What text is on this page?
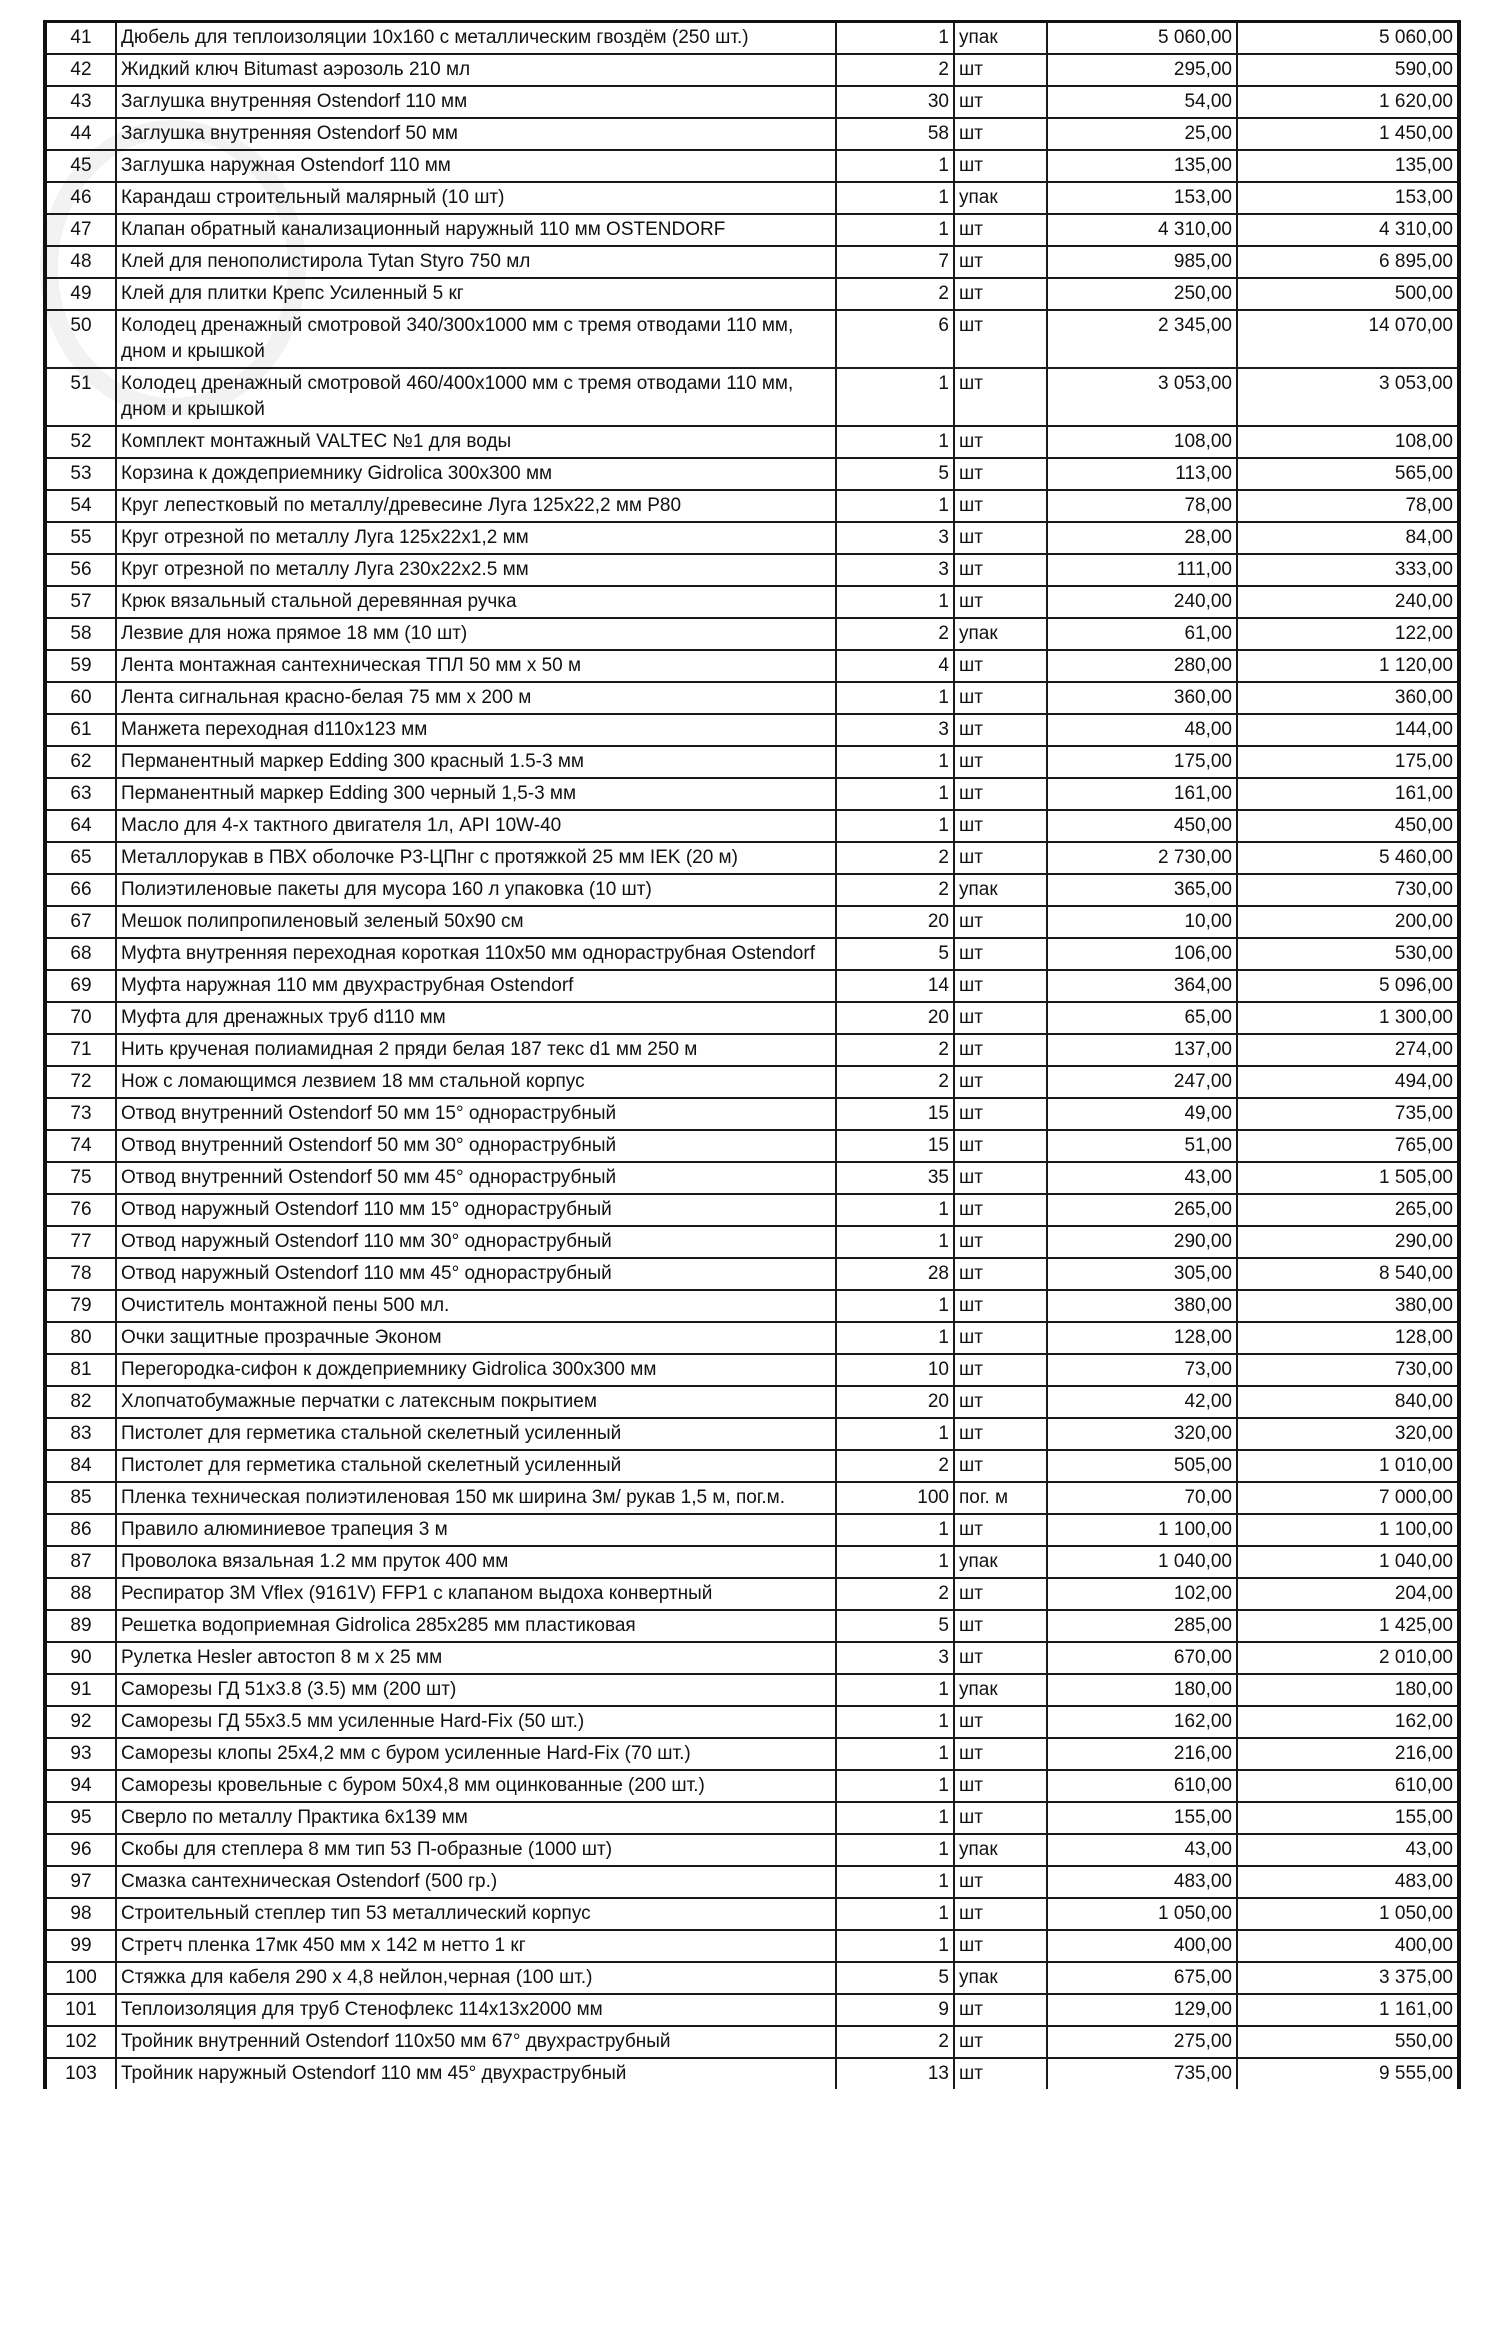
41	Дюбель для теплоизоляции 10х160 с металлическим гвоздём (250 шт.)	1	упак	5 060,00	5 060,00
42	Жидкий ключ Bitumast аэрозоль 210 мл	2	шт	295,00	590,00
43	Заглушка внутренняя Ostendorf 110 мм	30	шт	54,00	1 620,00
44	Заглушка внутренняя Ostendorf 50 мм	58	шт	25,00	1 450,00
45	Заглушка наружная Ostendorf 110 мм	1	шт	135,00	135,00
46	Карандаш строительный малярный (10 шт)	1	упак	153,00	153,00
47	Клапан обратный канализационный наружный 110 мм OSTENDORF	1	шт	4 310,00	4 310,00
48	Клей для пенополистирола Tytan Styro 750 мл	7	шт	985,00	6 895,00
49	Клей для плитки Крепс Усиленный 5 кг	2	шт	250,00	500,00
50	Колодец дренажный смотровой 340/300х1000 мм с тремя отводами 110 мм, дном и крышкой	6	шт	2 345,00	14 070,00
51	Колодец дренажный смотровой 460/400х1000 мм с тремя отводами 110 мм, дном и крышкой	1	шт	3 053,00	3 053,00
52	Комплект монтажный VALTEC №1 для воды	1	шт	108,00	108,00
53	Корзина к дождеприемнику Gidrolica 300х300 мм	5	шт	113,00	565,00
54	Круг лепестковый по металлу/древесине Луга 125х22,2 мм Р80	1	шт	78,00	78,00
55	Круг отрезной по металлу Луга 125х22х1,2 мм	3	шт	28,00	84,00
56	Круг отрезной по металлу Луга 230х22х2.5 мм	3	шт	111,00	333,00
57	Крюк вязальный стальной деревянная ручка	1	шт	240,00	240,00
58	Лезвие для ножа прямое 18 мм (10 шт)	2	упак	61,00	122,00
59	Лента монтажная сантехническая ТПЛ 50 мм х 50 м	4	шт	280,00	1 120,00
60	Лента сигнальная красно-белая 75 мм х 200 м	1	шт	360,00	360,00
61	Манжета переходная d110x123 мм	3	шт	48,00	144,00
62	Перманентный маркер Edding 300 красный 1.5-3 мм	1	шт	175,00	175,00
63	Перманентный маркер Edding 300 черный 1,5-3 мм	1	шт	161,00	161,00
64	Масло для 4-х тактного двигателя 1л, API 10W-40	1	шт	450,00	450,00
65	Металлорукав в ПВХ оболочке Р3-ЦПнг с протяжкой 25 мм IEK (20 м)	2	шт	2 730,00	5 460,00
66	Полиэтиленовые пакеты для мусора 160 л упаковка (10 шт)	2	упак	365,00	730,00
67	Мешок полипропиленовый зеленый 50х90 см	20	шт	10,00	200,00
68	Муфта внутренняя переходная короткая 110х50 мм однораструбная Ostendorf	5	шт	106,00	530,00
69	Муфта наружная 110 мм двухраструбная Ostendorf	14	шт	364,00	5 096,00
70	Муфта для дренажных труб d110 мм	20	шт	65,00	1 300,00
71	Нить крученая полиамидная 2 пряди белая 187 текс d1 мм 250 м	2	шт	137,00	274,00
72	Нож с ломающимся лезвием 18 мм стальной корпус	2	шт	247,00	494,00
73	Отвод внутренний Ostendorf 50 мм 15° однораструбный	15	шт	49,00	735,00
74	Отвод внутренний Ostendorf 50 мм 30° однораструбный	15	шт	51,00	765,00
75	Отвод внутренний Ostendorf 50 мм 45° однораструбный	35	шт	43,00	1 505,00
76	Отвод наружный Ostendorf 110 мм 15° однораструбный	1	шт	265,00	265,00
77	Отвод наружный Ostendorf 110 мм 30° однораструбный	1	шт	290,00	290,00
78	Отвод наружный Ostendorf 110 мм 45° однораструбный	28	шт	305,00	8 540,00
79	Очиститель монтажной пены 500 мл.	1	шт	380,00	380,00
80	Очки защитные прозрачные Эконом	1	шт	128,00	128,00
81	Перегородка-сифон к дождеприемнику Gidrolica 300х300 мм	10	шт	73,00	730,00
82	Хлопчатобумажные перчатки с латексным покрытием	20	шт	42,00	840,00
83	Пистолет для герметика стальной скелетный усиленный	1	шт	320,00	320,00
84	Пистолет для герметика стальной скелетный усиленный	2	шт	505,00	1 010,00
85	Пленка техническая полиэтиленовая 150 мк ширина 3м/ рукав 1,5 м, пог.м.	100	пог. м	70,00	7 000,00
86	Правило алюминиевое трапеция 3 м	1	шт	1 100,00	1 100,00
87	Проволока вязальная 1.2 мм пруток 400 мм	1	упак	1 040,00	1 040,00
88	Респиратор 3M Vflex (9161V) FFP1 с клапаном выдоха конвертный	2	шт	102,00	204,00
89	Решетка водоприемная Gidrolica 285х285 мм пластиковая	5	шт	285,00	1 425,00
90	Рулетка Hesler автостоп 8 м х 25 мм	3	шт	670,00	2 010,00
91	Саморезы ГД 51х3.8 (3.5) мм (200 шт)	1	упак	180,00	180,00
92	Саморезы ГД 55х3.5 мм усиленные Hard-Fix (50 шт.)	1	шт	162,00	162,00
93	Саморезы клопы 25х4,2 мм с буром усиленные Hard-Fix (70 шт.)	1	шт	216,00	216,00
94	Саморезы кровельные с буром 50х4,8 мм оцинкованные (200 шт.)	1	шт	610,00	610,00
95	Сверло по металлу Практика 6х139 мм	1	шт	155,00	155,00
96	Скобы для степлера 8 мм тип 53 П-образные (1000 шт)	1	упак	43,00	43,00
97	Смазка сантехническая Ostendorf (500 гр.)	1	шт	483,00	483,00
98	Строительный степлер тип 53 металлический корпус	1	шт	1 050,00	1 050,00
99	Стретч пленка 17мк 450 мм х 142 м нетто 1 кг	1	шт	400,00	400,00
100	Стяжка для кабеля 290 х 4,8 нейлон,черная (100 шт.)	5	упак	675,00	3 375,00
101	Теплоизоляция для труб Стенофлекс 114х13х2000 мм	9	шт	129,00	1 161,00
102	Тройник внутренний Ostendorf 110х50 мм 67° двухраструбный	2	шт	275,00	550,00
103	Тройник наружный Ostendorf 110 мм 45° двухраструбный	13	шт	735,00	9 555,00
